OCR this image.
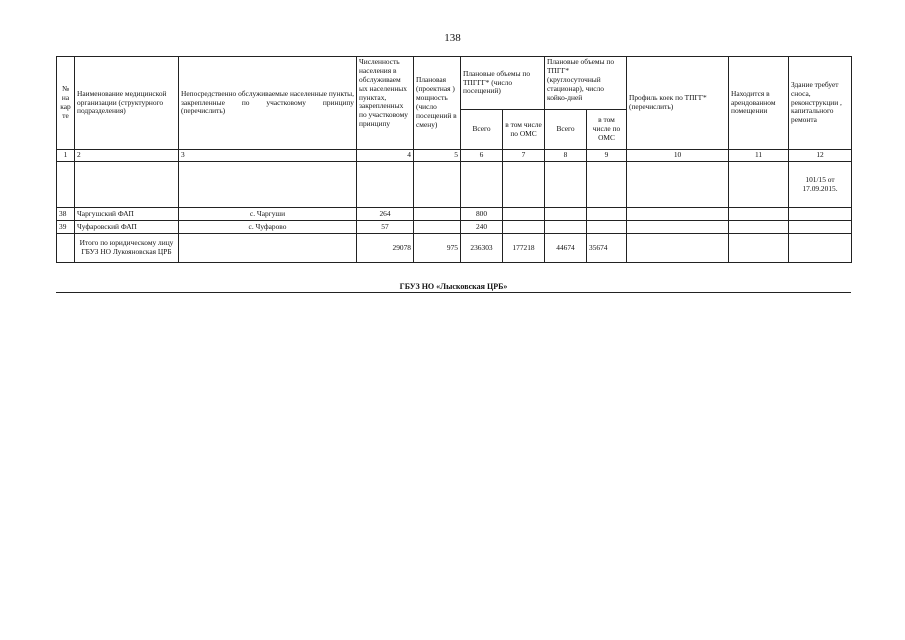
138
№ на кар те	Наименование медицинской организации (структурного подразделения)	Непосредственно обслуживаемые населенные пункты, закрепленные по участковому принципу (перечислить)	Численность населения в обслуживаем ых населенных пунктах, закрепленных по участковому принципу	Плановая (проектная ) мощность (число посещений в смену)	Плановые объемы по ТПГГГ* (число посещений)		Плановые объемы по ТПГГ* (круглосуточный стационар), число койко-дней		Профиль коек по ТПГГ* (перечислить)	Находится в арендованном помещении	Здание требует сноса, реконструкции , капитального ремонта
					Всего	в том числе по ОМС	Всего	в том числе по ОМС			
1	2	3	4	5	6	7	8	9	10	11	12
											101/15 от 17.09.2015.
38	Чаргушский ФАП	с. Чаргуши	264		800						
39	Чуфаровский ФАП	с. Чуфарово	57		240						
	Итого по юридическому лицу ГБУЗ НО Лукояновская ЦРБ		29078	975	236303	177218	44674	35674			
ГБУЗ НО «Лысковская ЦРБ»
